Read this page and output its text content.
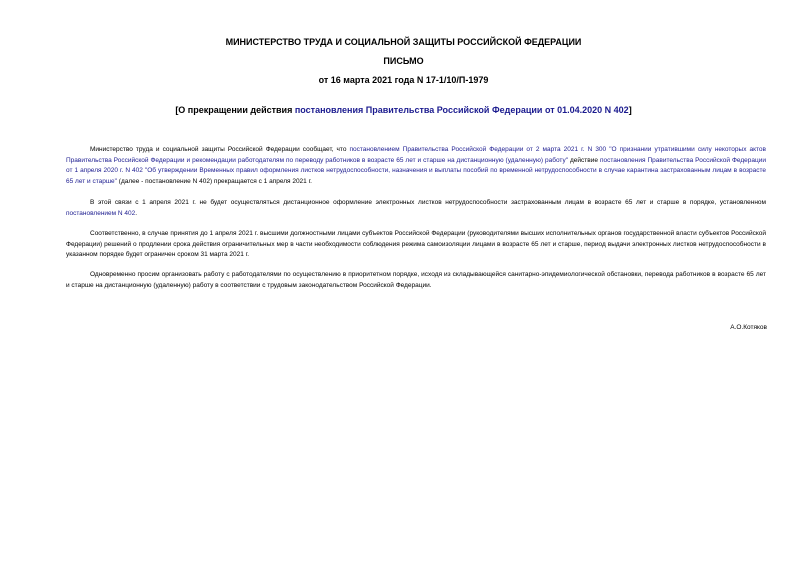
МИНИСТЕРСТВО ТРУДА И СОЦИАЛЬНОЙ ЗАЩИТЫ РОССИЙСКОЙ ФЕДЕРАЦИИ
ПИСЬМО
от 16 марта 2021 года N 17-1/10/П-1979
[О прекращении действия постановления Правительства Российской Федерации от 01.04.2020 N 402]

Министерство труда и социальной защиты Российской Федерации сообщает, что постановлением Правительства Российской Федерации от 2 марта 2021 г. N 300 "О признании утратившими силу некоторых актов Правительства Российской Федерации и рекомендации работодателям по переводу работников в возрасте 65 лет и старше на дистанционную (удаленную) работу" действие постановления Правительства Российской Федерации от 1 апреля 2020 г. N 402 "Об утверждении Временных правил оформления листков нетрудоспособности, назначения и выплаты пособий по временной нетрудоспособности в случае карантина застрахованным лицам в возрасте 65 лет и старше" (далее - постановление N 402) прекращается с 1 апреля 2021 г.

В этой связи с 1 апреля 2021 г. не будет осуществляться дистанционное оформление электронных листков нетрудоспособности застрахованным лицам в возрасте 65 лет и старше в порядке, установленном постановлением N 402.

Соответственно, в случае принятия до 1 апреля 2021 г. высшими должностными лицами субъектов Российской Федерации (руководителями высших исполнительных органов государственной власти субъектов Российской Федерации) решений о продлении срока действия ограничительных мер в части необходимости соблюдения режима самоизоляции лицами в возрасте 65 лет и старше, период выдачи электронных листков нетрудоспособности в указанном порядке будет ограничен сроком 31 марта 2021 г.

Одновременно просим организовать работу с работодателями по осуществлению в приоритетном порядке, исходя из складывающейся санитарно-эпидемиологической обстановки, перевода работников в возрасте 65 лет и старше на дистанционную (удаленную) работу в соответствии с трудовым законодательством Российской Федерации.

А.О.Котяков
